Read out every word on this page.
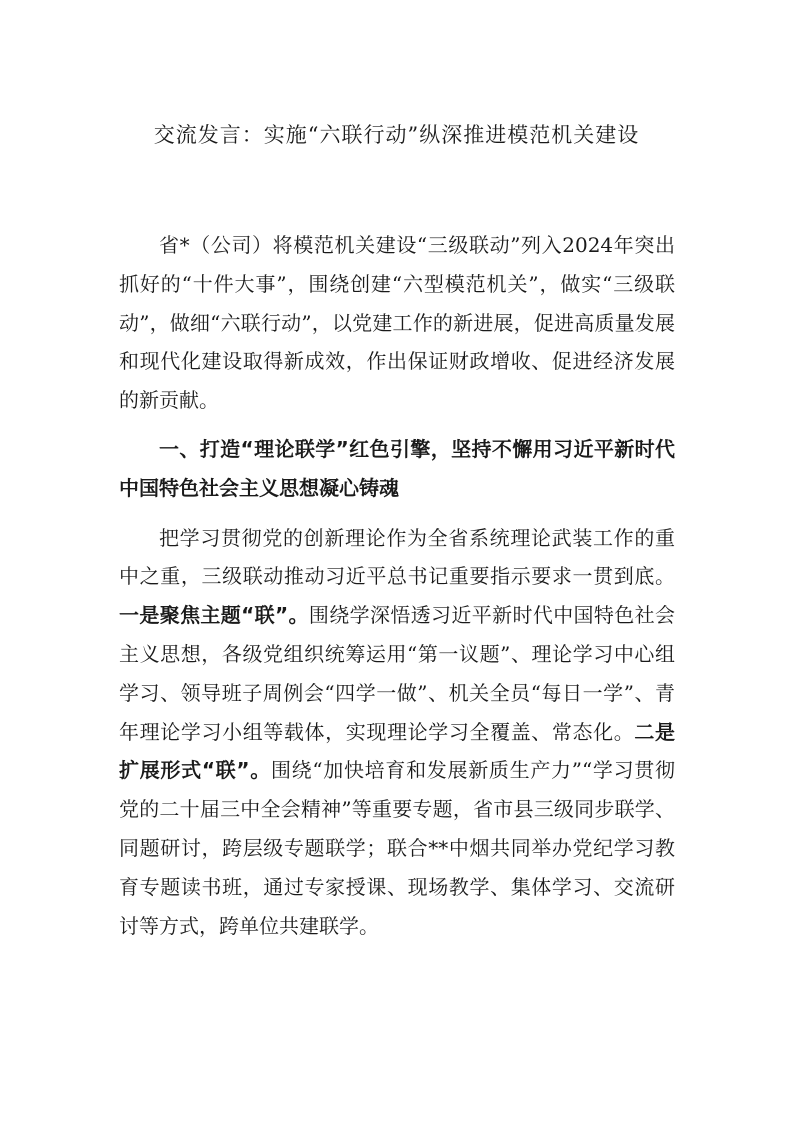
交流发言：实施“六联行动”纵深推进模范机关建设

省*（公司）将模范机关建设“三级联动”列入2024年突出抓好的“十件大事”，围绕创建“六型模范机关”，做实“三级联动”，做细“六联行动”，以党建工作的新进展，促进高质量发展和现代化建设取得新成效，作出保证财政增收、促进经济发展的新贡献。

一、打造“理论联学”红色引擎，坚持不懈用习近平新时代中国特色社会主义思想凝心铸魂

把学习贯彻党的创新理论作为全省系统理论武装工作的重中之重，三级联动推动习近平总书记重要指示要求一贯到底。一是聚焦主题“联”。围绕学深悟透习近平新时代中国特色社会主义思想，各级党组织统筹运用“第一议题”、理论学习中心组学习、领导班子周例会“四学一做”、机关全员“每日一学”、青年理论学习小组等载体，实现理论学习全覆盖、常态化。二是扩展形式“联”。围绕“加快培育和发展新质生产力”“学习贯彻党的二十届三中全会精神”等重要专题，省市县三级同步联学、同题研讨，跨层级专题联学；联合**中烟共同举办党纪学习教育专题读书班，通过专家授课、现场教学、集体学习、交流研讨等方式，跨单位共建联学。
